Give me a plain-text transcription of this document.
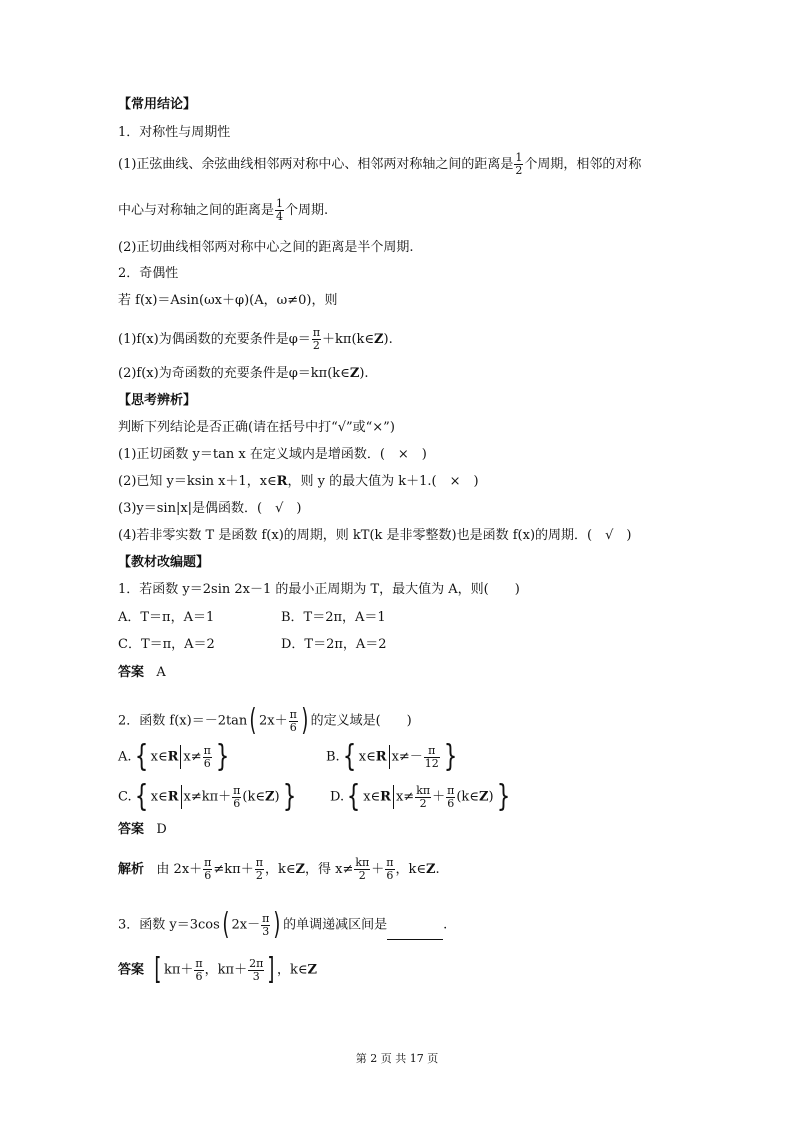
【常用结论】
1．对称性与周期性
(1)正弦曲线、余弦曲线相邻两对称中心、相邻两对称轴之间的距离是 $\frac{1}{2}$ 个周期，相邻的对称
中心与对称轴之间的距离是 $\frac{1}{4}$ 个周期.
(2)正切曲线相邻两对称中心之间的距离是半个周期.
2．奇偶性
若 f(x)＝Asin(ωx＋φ)(A，ω≠0)，则
(1)f(x)为偶函数的充要条件是$\varphi= \frac{\pi}{2}$ ＋kπ(k∈Z).
(2)f(x)为奇函数的充要条件是φ＝kπ(k∈Z).
【思考辨析】
判断下列结论是否正确(请在括号中打“√”或“×”)
(1)正切函数 y＝tan x 在定义域内是增函数．(　×　)
(2)已知 y＝ksin x＋1，x∈R，则 y 的最大值为 k＋1.(　×　)
(3)y＝sin|x|是偶函数．(　√　)
(4)若非零实数 T 是函数 f(x)的周期，则 kT(k 是非零整数)也是函数 f(x)的周期．(　√　)
【教材改编题】
1．若函数 y＝2sin 2x－1 的最小正周期为 T，最大值为 A，则(　　)
A．T＝π，A＝1	B．T＝2π，A＝1
C．T＝π，A＝2	D．T＝2π，A＝2
答案 A
2．函数 f(x)＝－2tan( $2x+ \frac{\pi}{6}$ ) 的定义域是(　　)
A.{ x∈R $x\ne \frac{\pi}{6}$ }	B.{ x∈R $x\ne- \frac{\pi}{12}$ }
C.{ x∈R $x\ne k\pi+ \frac{\pi}{6}$ (k∈Z)}	D.{ x∈R $x\ne \frac{k\pi}{2} + \frac{\pi}{6}$ (k∈Z)}
答案 D
解析 由 $2x+ \frac{\pi}{6} \ne k\pi+ \frac{\pi}{2}$ ，k∈Z，得 $x\ne \frac{k\pi}{2} + \frac{\pi}{6}$ ，k∈Z.
3．函数 y＝3cos( $2x- \frac{\pi}{3}$ ) 的单调递减区间是	.
答案 [ $k\pi+ \frac{\pi}{6}$ ，$k\pi+ \frac{2\pi}{3}$ ] ，k∈Z
第 2 页 共 17 页
